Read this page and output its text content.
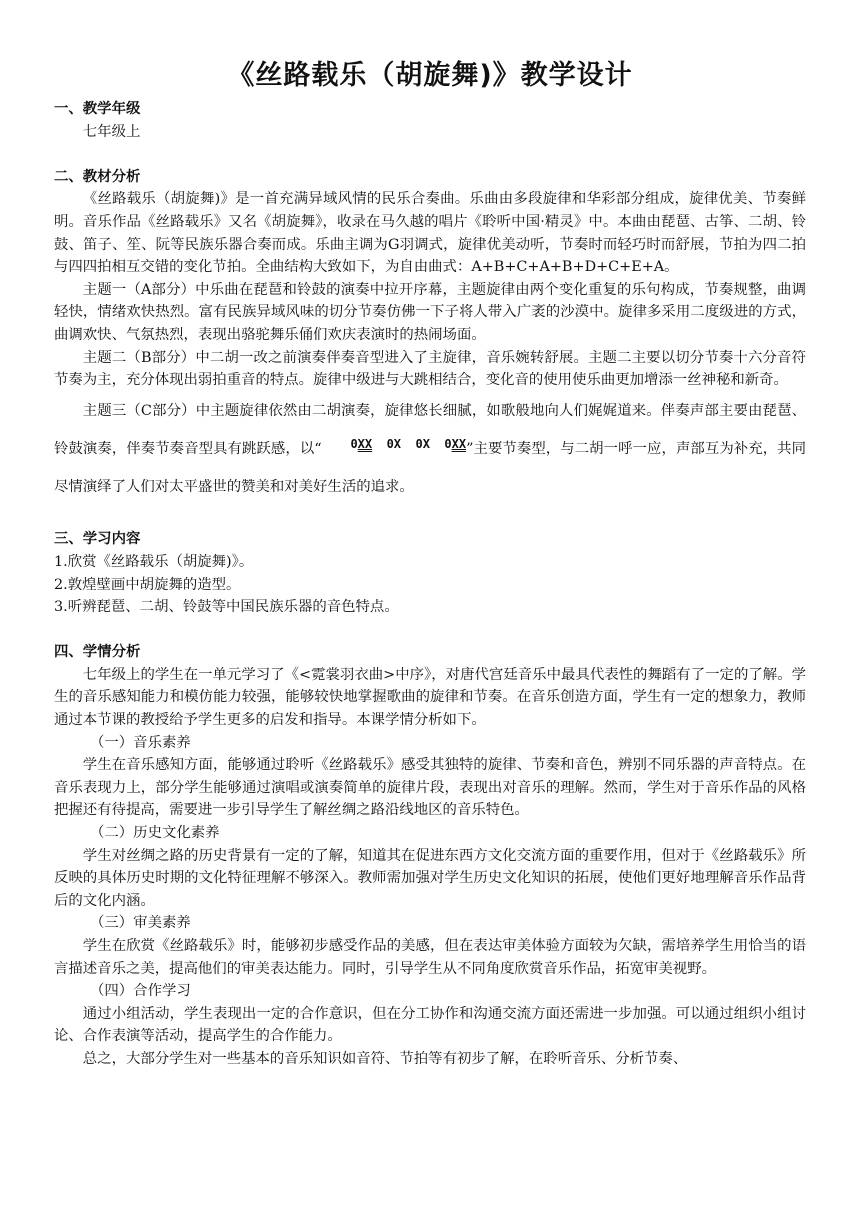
《丝路载乐（胡旋舞)》教学设计
一、教学年级
七年级上
二、教材分析
《丝路载乐（胡旋舞)》是一首充满异域风情的民乐合奏曲。乐曲由多段旋律和华彩部分组成，旋律优美、节奏鲜明。音乐作品《丝路载乐》又名《胡旋舞》，收录在马久越的唱片《聆听中国·精灵》中。本曲由琵琶、古筝、二胡、铃鼓、笛子、笙、阮等民族乐器合奏而成。乐曲主调为G羽调式，旋律优美动听，节奏时而轻巧时而舒展，节拍为四二拍与四四拍相互交错的变化节拍。全曲结构大致如下，为自由曲式：A+B+C+A+B+D+C+E+A。
主题一（A部分）中乐曲在琵琶和铃鼓的演奏中拉开序幕，主题旋律由两个变化重复的乐句构成，节奏规整，曲调轻快，情绪欢快热烈。富有民族异域风味的切分节奏仿佛一下子将人带入广袤的沙漠中。旋律多采用二度级进的方式，曲调欢快、气氛热烈，表现出骆驼舞乐俑们欢庆表演时的热闹场面。
主题二（B部分）中二胡一改之前演奏伴奏音型进入了主旋律，音乐婉转舒展。主题二主要以切分节奏十六分音符节奏为主，充分体现出弱拍重音的特点。旋律中级进与大跳相结合，变化音的使用使乐曲更加增添一丝神秘和新奇。
主题三（C部分）中主题旋律依然由二胡演奏，旋律悠长细腻，如歌般地向人们娓娓道来。伴奏声部主要由琵琶、铃鼓演奏，伴奏节奏音型具有跳跃感，以“ 0XX 0X 0X 0XX”主要节奏型，与二胡一呼一应，声部互为补充，共同尽情演绎了人们对太平盛世的赞美和对美好生活的追求。
三、学习内容
1.欣赏《丝路载乐（胡旋舞)》。
2.敦煌壁画中胡旋舞的造型。
3.听辨琵琶、二胡、铃鼓等中国民族乐器的音色特点。
四、学情分析
七年级上的学生在一单元学习了《<霓裳羽衣曲>中序》，对唐代宫廷音乐中最具代表性的舞蹈有了一定的了解。学生的音乐感知能力和模仿能力较强，能够较快地掌握歌曲的旋律和节奏。在音乐创造方面，学生有一定的想象力，教师通过本节课的教授给予学生更多的启发和指导。本课学情分析如下。
（一）音乐素养
学生在音乐感知方面，能够通过聆听《丝路载乐》感受其独特的旋律、节奏和音色，辨别不同乐器的声音特点。在音乐表现力上，部分学生能够通过演唱或演奏简单的旋律片段，表现出对音乐的理解。然而，学生对于音乐作品的风格把握还有待提高，需要进一步引导学生了解丝绸之路沿线地区的音乐特色。
（二）历史文化素养
学生对丝绸之路的历史背景有一定的了解，知道其在促进东西方文化交流方面的重要作用，但对于《丝路载乐》所反映的具体历史时期的文化特征理解不够深入。教师需加强对学生历史文化知识的拓展，使他们更好地理解音乐作品背后的文化内涵。
（三）审美素养
学生在欣赏《丝路载乐》时，能够初步感受作品的美感，但在表达审美体验方面较为欠缺，需培养学生用恰当的语言描述音乐之美，提高他们的审美表达能力。同时，引导学生从不同角度欣赏音乐作品，拓宽审美视野。
（四）合作学习
通过小组活动，学生表现出一定的合作意识，但在分工协作和沟通交流方面还需进一步加强。可以通过组织小组讨论、合作表演等活动，提高学生的合作能力。
总之，大部分学生对一些基本的音乐知识如音符、节拍等有初步了解，在聆听音乐、分析节奏、
